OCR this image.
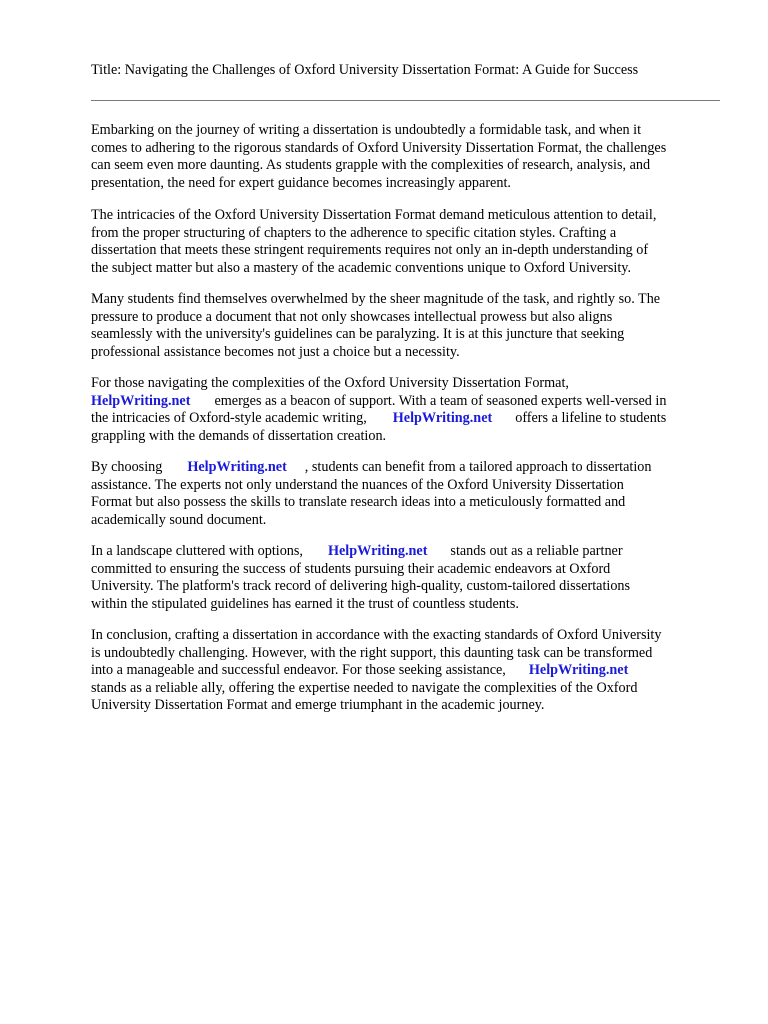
Title: Navigating the Challenges of Oxford University Dissertation Format: A Guide for Success

Embarking on the journey of writing a dissertation is undoubtedly a formidable task, and when it
comes to adhering to the rigorous standards of Oxford University Dissertation Format, the challenges
can seem even more daunting. As students grapple with the complexities of research, analysis, and
presentation, the need for expert guidance becomes increasingly apparent.

The intricacies of the Oxford University Dissertation Format demand meticulous attention to detail,
from the proper structuring of chapters to the adherence to specific citation styles. Crafting a
dissertation that meets these stringent requirements requires not only an in-depth understanding of
the subject matter but also a mastery of the academic conventions unique to Oxford University.

Many students find themselves overwhelmed by the sheer magnitude of the task, and rightly so. The
pressure to produce a document that not only showcases intellectual prowess but also aligns
seamlessly with the university's guidelines can be paralyzing. It is at this juncture that seeking
professional assistance becomes not just a choice but a necessity.

For those navigating the complexities of the Oxford University Dissertation Format,
HelpWriting.net emerges as a beacon of support. With a team of seasoned experts well-versed in
the intricacies of Oxford-style academic writing, HelpWriting.net offers a lifeline to students
grappling with the demands of dissertation creation.

By choosing HelpWriting.net , students can benefit from a tailored approach to dissertation
assistance. The experts not only understand the nuances of the Oxford University Dissertation
Format but also possess the skills to translate research ideas into a meticulously formatted and
academically sound document.

In a landscape cluttered with options, HelpWriting.net stands out as a reliable partner
committed to ensuring the success of students pursuing their academic endeavors at Oxford
University. The platform's track record of delivering high-quality, custom-tailored dissertations
within the stipulated guidelines has earned it the trust of countless students.

In conclusion, crafting a dissertation in accordance with the exacting standards of Oxford University
is undoubtedly challenging. However, with the right support, this daunting task can be transformed
into a manageable and successful endeavor. For those seeking assistance, HelpWriting.net
stands as a reliable ally, offering the expertise needed to navigate the complexities of the Oxford
University Dissertation Format and emerge triumphant in the academic journey.
